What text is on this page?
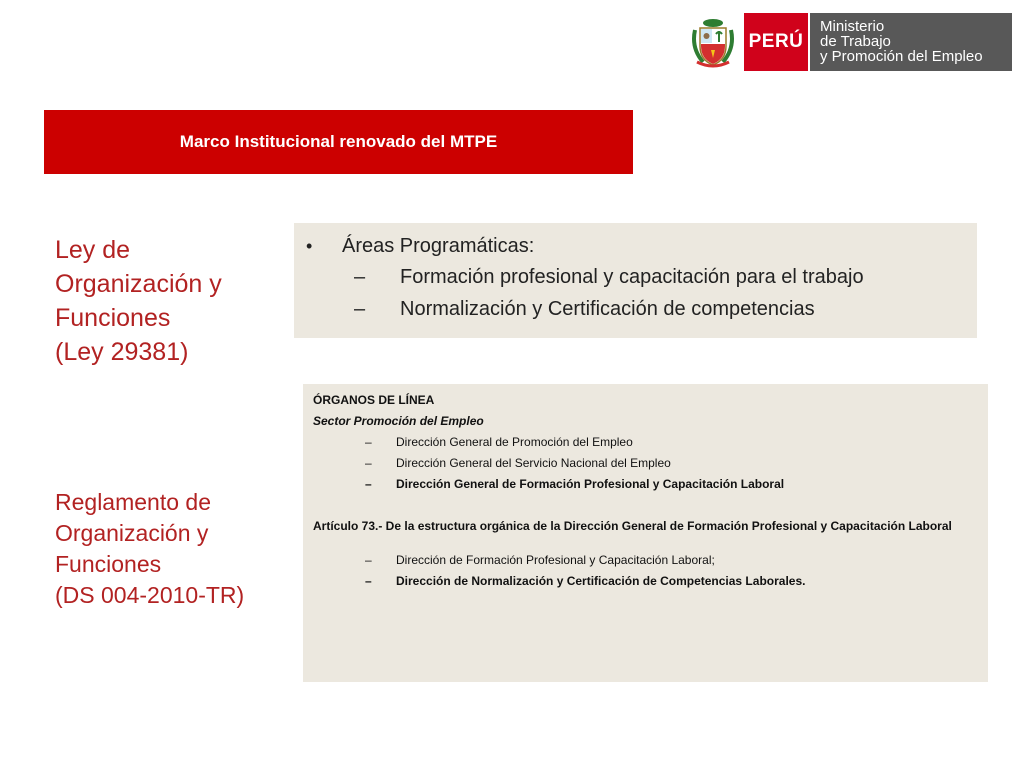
PERÚ
Ministerio
de Trabajo
y Promoción del Empleo
Marco Institucional renovado del MTPE
Ley de
Organización y
Funciones
(Ley 29381)
Reglamento de
Organización y
Funciones
(DS 004-2010-TR)
•	Áreas Programáticas:
–	Formación profesional y capacitación para el trabajo
–	Normalización y Certificación de competencias
ÓRGANOS DE LÍNEA
Sector Promoción del Empleo
–	Dirección General de Promoción del Empleo
–	Dirección General del Servicio Nacional del Empleo
–	Dirección General de Formación Profesional y Capacitación Laboral
Artículo 73.- De la estructura orgánica de la Dirección General de Formación Profesional y Capacitación Laboral
–	Dirección de Formación Profesional y Capacitación Laboral;
–	Dirección de Normalización y Certificación de Competencias Laborales.
